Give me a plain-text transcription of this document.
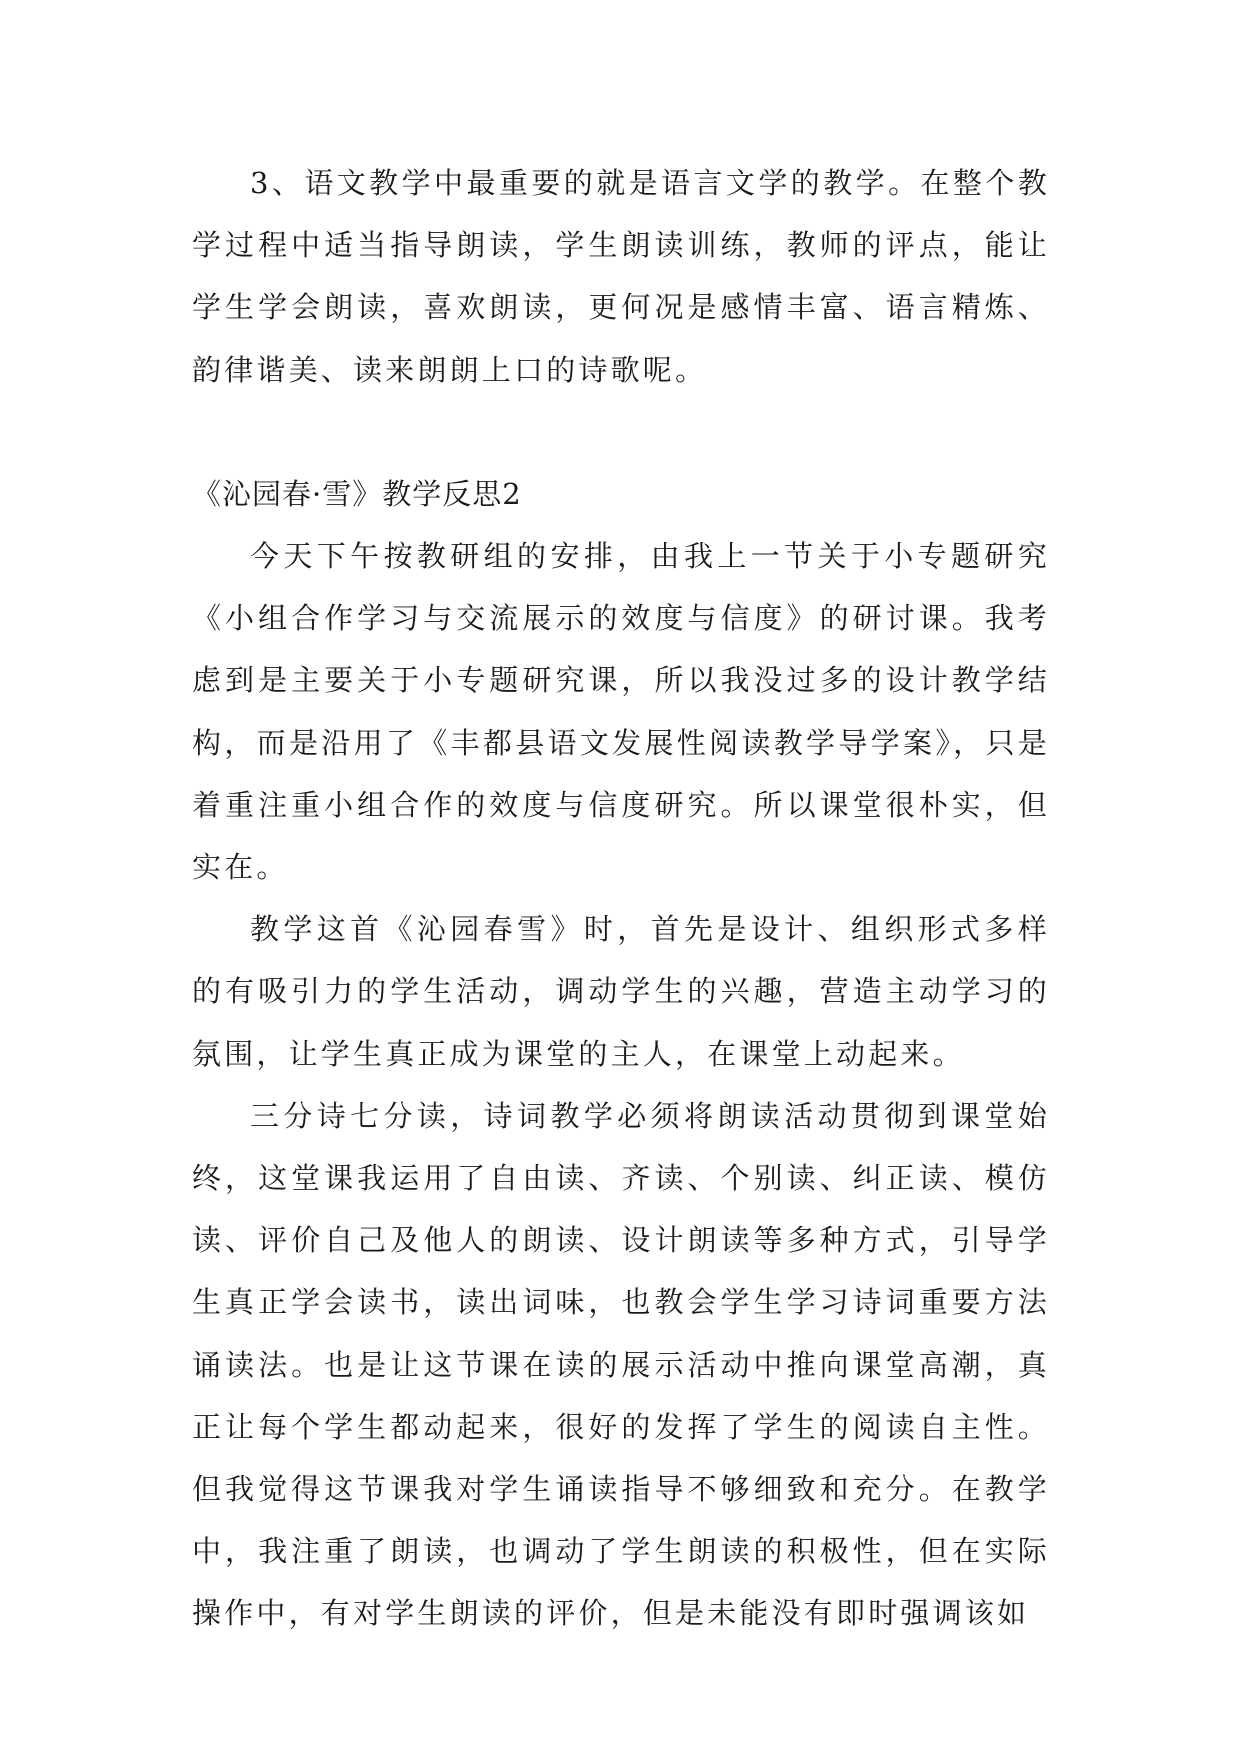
3、语文教学中最重要的就是语言文学的教学。在整个教学过程中适当指导朗读，学生朗读训练，教师的评点，能让学生学会朗读，喜欢朗读，更何况是感情丰富、语言精炼、韵律谐美、读来朗朗上口的诗歌呢。

《沁园春·雪》教学反思2

今天下午按教研组的安排，由我上一节关于小专题研究《小组合作学习与交流展示的效度与信度》的研讨课。我考虑到是主要关于小专题研究课，所以我没过多的设计教学结构，而是沿用了《丰都县语文发展性阅读教学导学案》，只是着重注重小组合作的效度与信度研究。所以课堂很朴实，但实在。

教学这首《沁园春雪》时，首先是设计、组织形式多样的有吸引力的学生活动，调动学生的兴趣，营造主动学习的氛围，让学生真正成为课堂的主人，在课堂上动起来。

三分诗七分读，诗词教学必须将朗读活动贯彻到课堂始终，这堂课我运用了自由读、齐读、个别读、纠正读、模仿读、评价自己及他人的朗读、设计朗读等多种方式，引导学生真正学会读书，读出词味，也教会学生学习诗词重要方法诵读法。也是让这节课在读的展示活动中推向课堂高潮，真正让每个学生都动起来，很好的发挥了学生的阅读自主性。但我觉得这节课我对学生诵读指导不够细致和充分。在教学中，我注重了朗读，也调动了学生朗读的积极性，但在实际操作中，有对学生朗读的评价，但是未能没有即时强调该如
